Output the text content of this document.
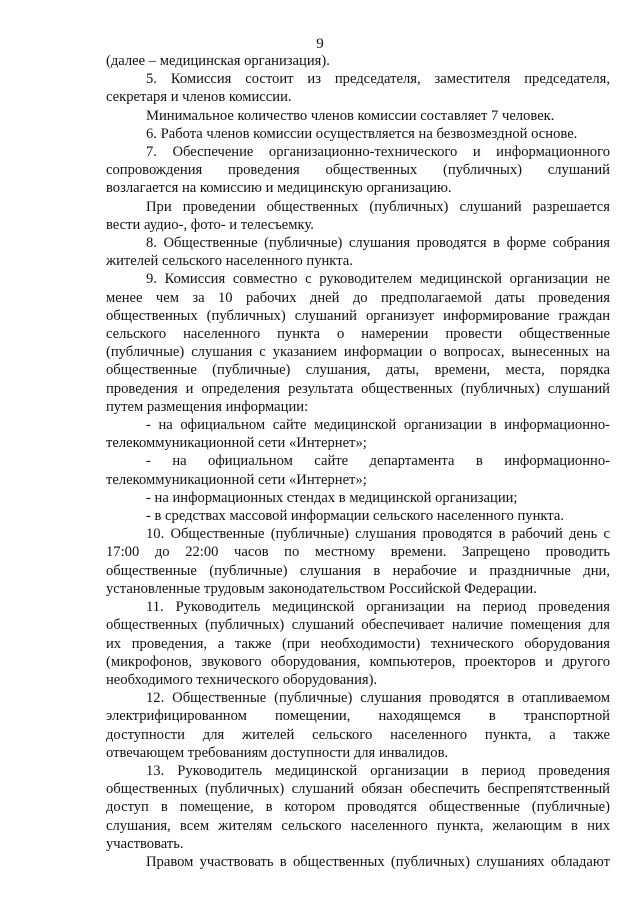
9
(далее – медицинская организация).
5. Комиссия состоит из председателя, заместителя председателя,
секретаря и членов комиссии.
Минимальное количество членов комиссии составляет 7 человек.
6. Работа членов комиссии осуществляется на безвозмездной основе.
7. Обеспечение организационно-технического и информационного
сопровождения проведения общественных (публичных) слушаний
возлагается на комиссию и медицинскую организацию.
При проведении общественных (публичных) слушаний разрешается
вести аудио-, фото- и телесъемку.
8. Общественные (публичные) слушания проводятся в форме собрания
жителей сельского населенного пункта.
9. Комиссия совместно с руководителем медицинской организации не
менее чем за 10 рабочих дней до предполагаемой даты проведения
общественных (публичных) слушаний организует информирование граждан
сельского населенного пункта о намерении провести общественные
(публичные) слушания с указанием информации о вопросах, вынесенных на
общественные (публичные) слушания, даты, времени, места, порядка
проведения и определения результата общественных (публичных) слушаний
путем размещения информации:
- на официальном сайте медицинской организации в информационно-
телекоммуникационной сети «Интернет»;
- на официальном сайте департамента в информационно-
телекоммуникационной сети «Интернет»;
- на информационных стендах в медицинской организации;
- в средствах массовой информации сельского населенного пункта.
10. Общественные (публичные) слушания проводятся в рабочий день с
17:00 до 22:00 часов по местному времени. Запрещено проводить
общественные (публичные) слушания в нерабочие и праздничные дни,
установленные трудовым законодательством Российской Федерации.
11. Руководитель медицинской организации на период проведения
общественных (публичных) слушаний обеспечивает наличие помещения для
их проведения, а также (при необходимости) технического оборудования
(микрофонов, звукового оборудования, компьютеров, проекторов и другого
необходимого технического оборудования).
12. Общественные (публичные) слушания проводятся в отапливаемом
электрифицированном помещении, находящемся в транспортной
доступности для жителей сельского населенного пункта, а также
отвечающем требованиям доступности для инвалидов.
13. Руководитель медицинской организации в период проведения
общественных (публичных) слушаний обязан обеспечить беспрепятственный
доступ в помещение, в котором проводятся общественные (публичные)
слушания, всем жителям сельского населенного пункта, желающим в них
участвовать.
Правом участвовать в общественных (публичных) слушаниях обладают
